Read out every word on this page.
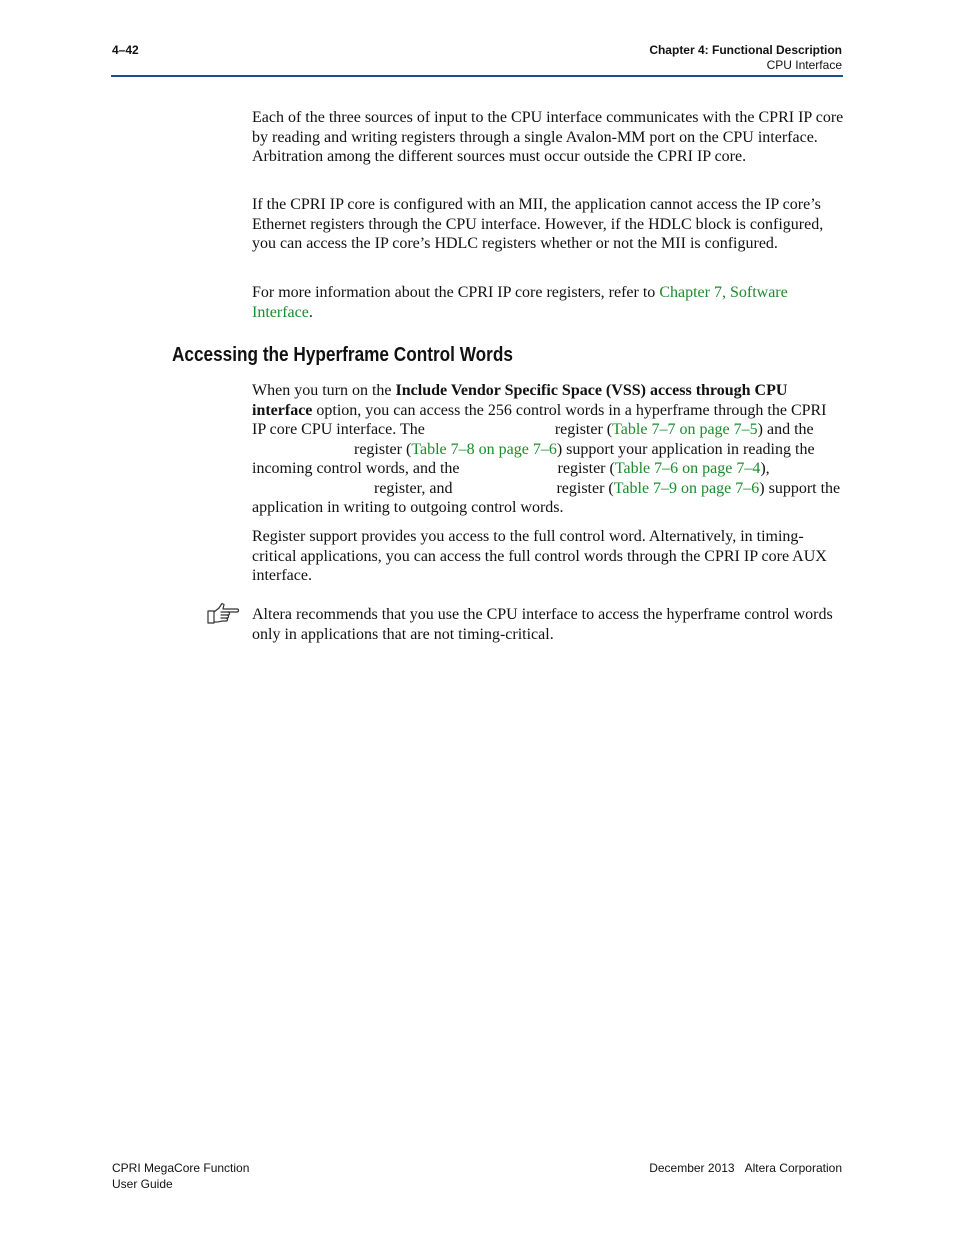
4–42	Chapter 4: Functional Description
CPU Interface

Each of the three sources of input to the CPU interface communicates with the CPRI IP core by reading and writing registers through a single Avalon-MM port on the CPU interface. Arbitration among the different sources must occur outside the CPRI IP core.

If the CPRI IP core is configured with an MII, the application cannot access the IP core’s Ethernet registers through the CPU interface. However, if the HDLC block is configured, you can access the IP core’s HDLC registers whether or not the MII is configured.

For more information about the CPRI IP core registers, refer to Chapter 7, Software Interface.

Accessing the Hyperframe Control Words

When you turn on the Include Vendor Specific Space (VSS) access through CPU interface option, you can access the 256 control words in a hyperframe through the CPRI IP core CPU interface. The	register (Table 7–7 on page 7–5) and the  register (Table 7–8 on page 7–6) support your application in reading the incoming control words, and the	register (Table 7–6 on page 7–4),  register, and	register (Table 7–9 on page 7–6) support the application in writing to outgoing control words.

Register support provides you access to the full control word. Alternatively, in timing-critical applications, you can access the full control words through the CPRI IP core AUX interface.

Altera recommends that you use the CPU interface to access the hyperframe control words only in applications that are not timing-critical.

CPRI MegaCore Function
User Guide
December 2013 Altera Corporation
